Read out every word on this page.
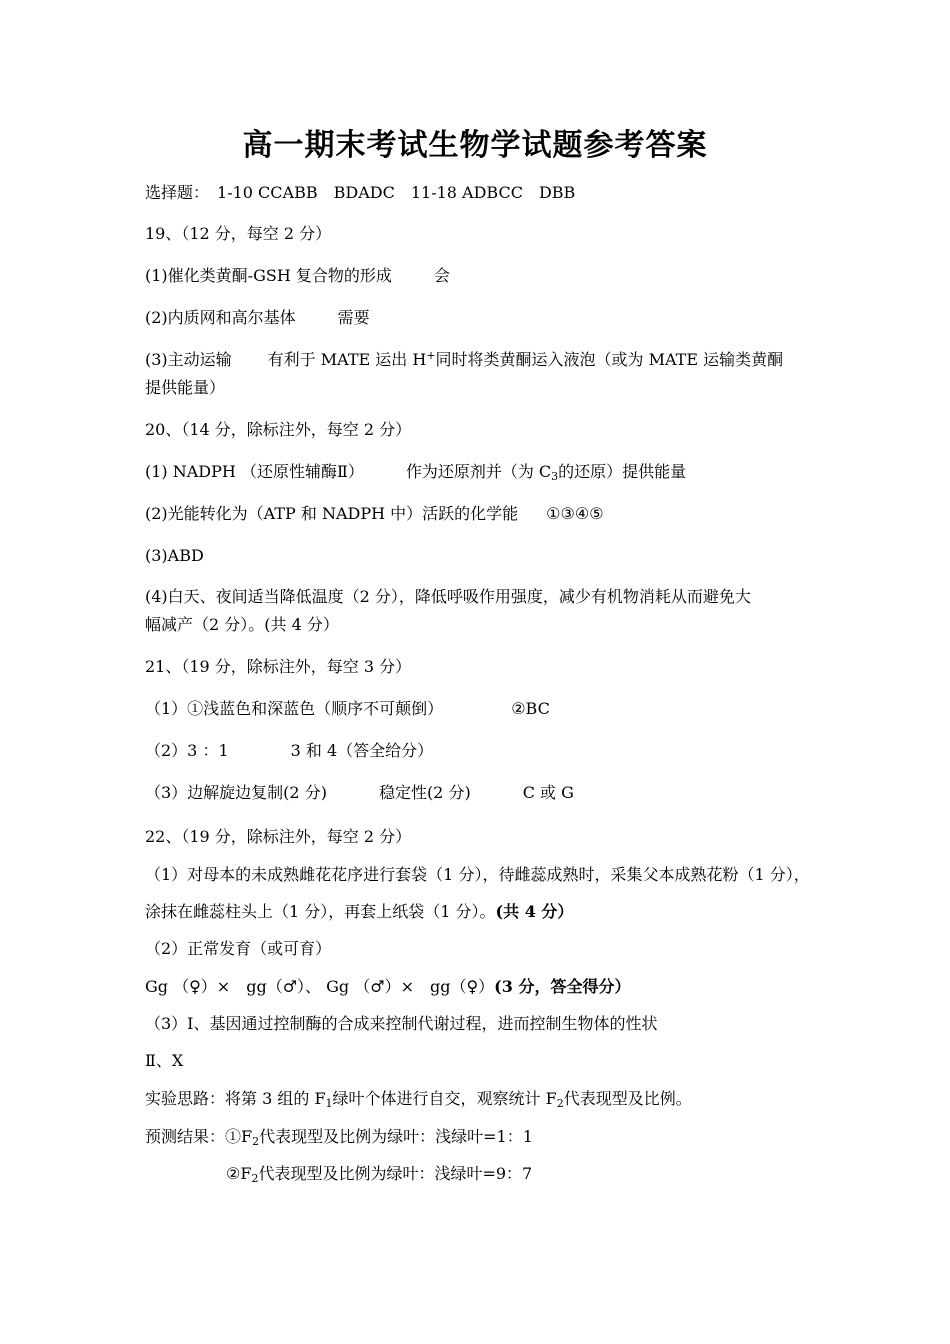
高一期末考试生物学试题参考答案
选择题： 1-10 CCABB BDADC 11-18 ADBCC DBB
19、（12 分，每空 2 分）
(1)催化类黄酮-GSH 复合物的形成	会
(2)内质网和高尔基体	需要
(3)主动运输 有利于 MATE 运出 H+同时将类黄酮运入液泡（或为 MATE 运输类黄酮
提供能量）
20、（14 分，除标注外，每空 2 分）
(1) NADPH （还原性辅酶Ⅱ）	作为还原剂并（为 $C_3$的还原）提供能量
(2)光能转化为（ATP 和 NADPH 中）活跃的化学能 ①③④⑤
(3)ABD
(4)白天、夜间适当降低温度（2 分），降低呼吸作用强度，减少有机物消耗从而避免大
幅减产（2 分）。(共 4 分）
21、（19 分，除标注外，每空 3 分）
（1）①浅蓝色和深蓝色（顺序不可颠倒）	②BC
（2）3 ：1	3 和 4（答全给分）
（3）边解旋边复制(2 分)	稳定性(2 分)	C 或 G
22、（19 分，除标注外，每空 2 分）
（1）对母本的未成熟雌花花序进行套袋（1 分），待雌蕊成熟时，采集父本成熟花粉（1 分），
涂抹在雌蕊柱头上（1 分），再套上纸袋（1 分）。(共 4 分）
（2）正常发育（或可育）
Gg （♀）×　gg（♂）、 Gg （♂）×　gg（♀）(3 分，答全得分）
（3）Ⅰ、基因通过控制酶的合成来控制代谢过程，进而控制生物体的性状
Ⅱ、X
实验思路：将第 3 组的 $F_1$绿叶个体进行自交，观察统计 $F_2$代表现型及比例。
预测结果：$①F_2$代表现型及比例为绿叶：浅绿叶=1：1
$②F_2$代表现型及比例为绿叶：浅绿叶=9：7
